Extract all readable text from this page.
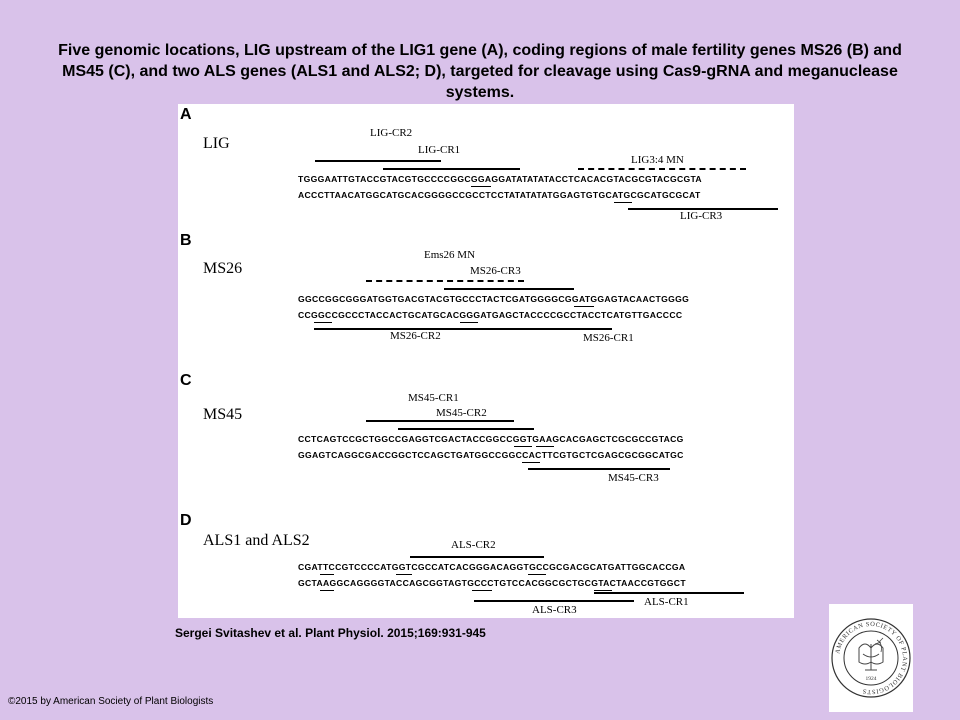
Five genomic locations, LIG upstream of the LIG1 gene (A), coding regions of male fertility genes MS26 (B) and MS45 (C), and two ALS genes (ALS1 and ALS2; D), targeted for cleavage using Cas9-gRNA and meganuclease systems.
A
LIG
LIG-CR2
LIG-CR1
LIG3:4 MN
TGGGAATTGTACCGTACGTGCCCCGGCGGAGGATATATATACCTCACACGTACGCGTACGCGTA
ACCCTTAACATGGCATGCACGGGGCCGCCTCCTATATATATGGAGTGTGCATGCGCATGCGCAT
LIG-CR3
B
MS26
Ems26 MN
MS26-CR3
GGCCGGCGGGATGGTGACGTACGTGCCCTACTCGATGGGGCGGATGGAGTACAACTGGGG
CCGGCCGCCCTACCACTGCATGCACGGGATGAGCTACCCCGCCTACCTCATGTTGACCCC
MS26-CR2	MS26-CR1
C
MS45
MS45-CR1
MS45-CR2
CCTCAGTCCGCTGGCCGAGGTCGACTACCGGCCGGTGAAGCACGAGCTCGCGCCGTACG
GGAGTCAGGCGACCGGCTCCAGCTGATGGCCGGCCACTTCGTGCTCGAGCGCGGCATGC
MS45-CR3
D
ALS1 and ALS2	ALS-CR2
CGATTCCGTCCCCATGGTCGCCATCACGGGACAGGTGCCGCGACGCATGATTGGCACCGA
GCTAAGGCAGGGGTACCAGCGGTAGTGCCCTGTCCACGGCGCTGCGTACTAACCGTGGCT
ALS-CR1
ALS-CR3
Sergei Svitashev et al. Plant Physiol. 2015;169:931-945
AMERICAN SOCIETY OF PLANT BIOLOGISTS
1924
©2015 by American Society of Plant Biologists
